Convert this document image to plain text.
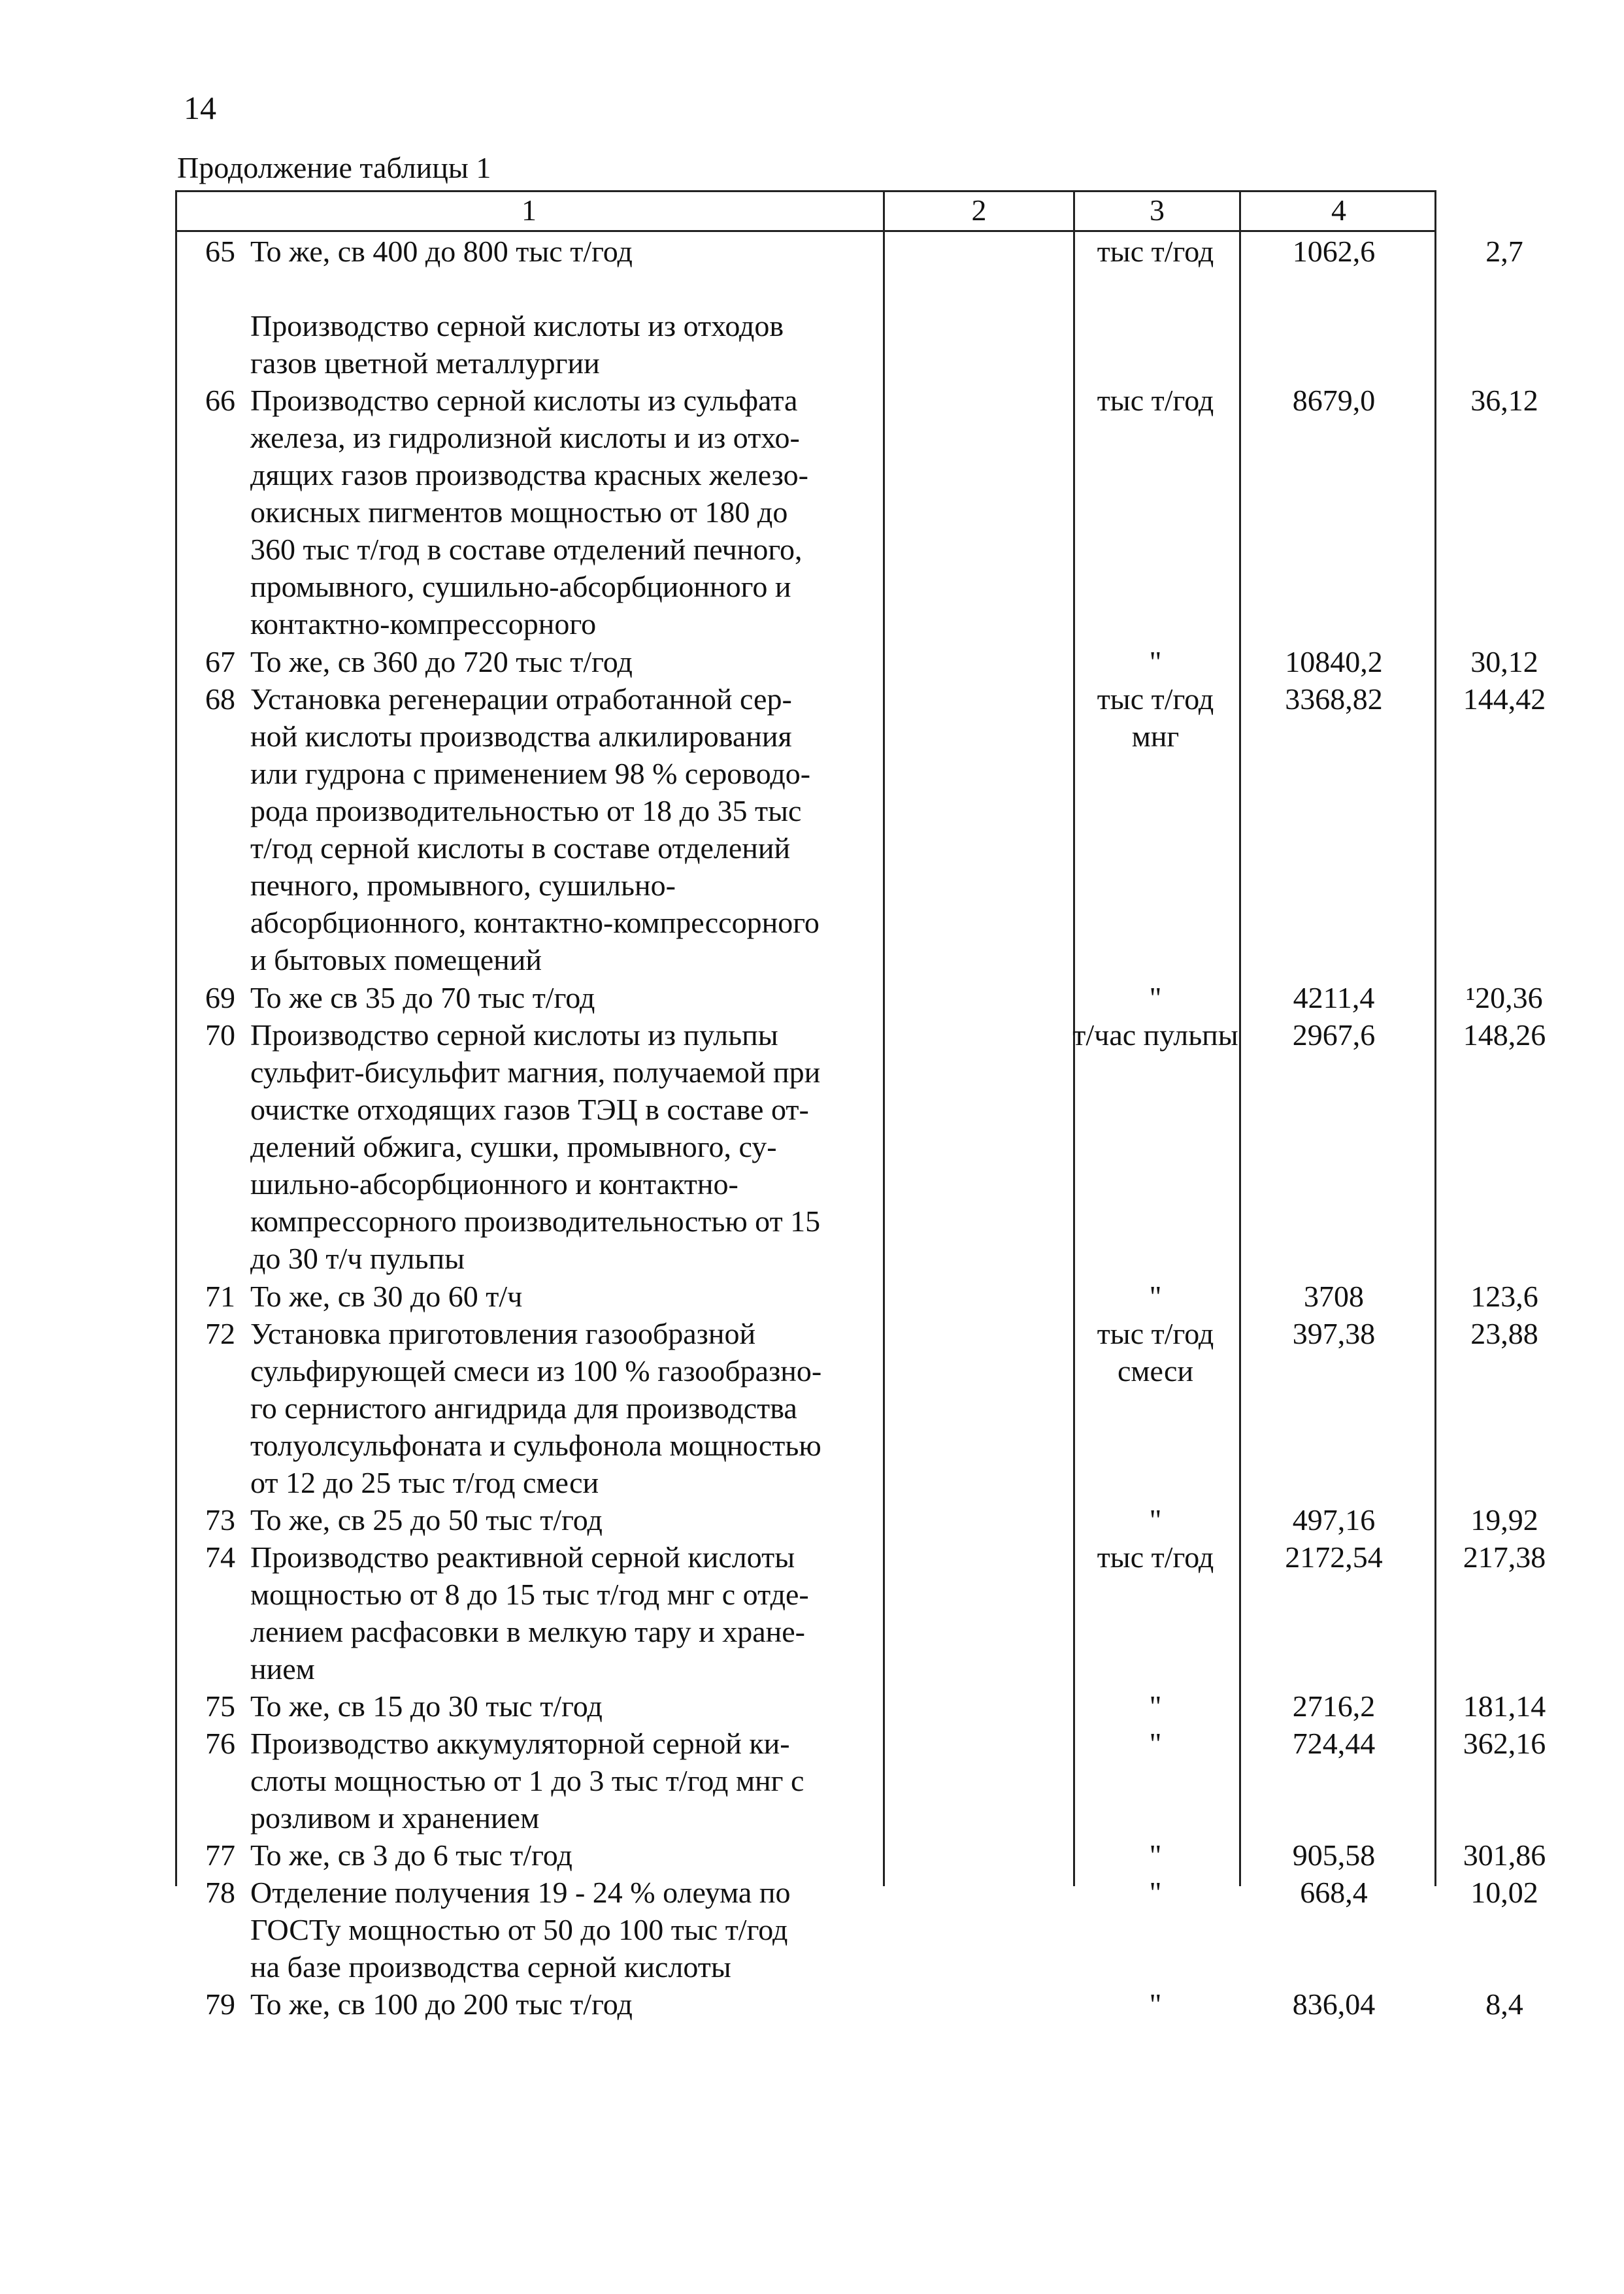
14
Продолжение таблицы 1
1	2	3	4
65 То же, св 400 до 800 тыс т/год	тыс т/год	1062,6	2,7
Производство серной кислоты из отходов
газов цветной металлургии
66 Производство серной кислоты из сульфата
железа, из гидролизной кислоты и из отхо-
дящих газов производства красных железо-
окисных пигментов мощностью от 180 до
360 тыс т/год в составе отделений печного,
промывного, сушильно-абсорбционного и
контактно-компрессорного
тыс т/год	8679,0	36,12
67 То же, св 360 до 720 тыс т/год	"	10840,2	30,12
68 Установка регенерации отработанной сер-
ной кислоты производства алкилирования
или гудрона с применением 98 % сероводо-
рода производительностью от 18 до 35 тыс
т/год серной кислоты в составе отделений
печного, промывного, сушильно-
абсорбционного, контактно-компрессорного
и бытовых помещений
тыс т/год
мнг
3368,82	144,42
69 То же св 35 до 70 тыс т/год	"	4211,4	¹20,36
70 Производство серной кислоты из пульпы
сульфит-бисульфит магния, получаемой при
очистке отходящих газов ТЭЦ в составе от-
делений обжига, сушки, промывного, су-
шильно-абсорбционного и контактно-
компрессорного производительностью от 15
до 30 т/ч пульпы
т/час пульпы	2967,6	148,26
71 То же, св 30 до 60 т/ч	"	3708	123,6
72 Установка приготовления газообразной
сульфирующей смеси из 100 % газообразно-
го сернистого ангидрида для производства
толуолсульфоната и сульфонола мощностью
от 12 до 25 тыс т/год смеси
тыс т/год
смеси
397,38	23,88
73 То же, св 25 до 50 тыс т/год	"	497,16	19,92
74 Производство реактивной серной кислоты
мощностью от 8 до 15 тыс т/год мнг с отде-
лением расфасовки в мелкую тару и хране-
нием
тыс т/год	2172,54	217,38
75 То же, св 15 до 30 тыс т/год	"	2716,2	181,14
76 Производство аккумуляторной серной ки-
слоты мощностью от 1 до 3 тыс т/год мнг с
розливом и хранением
"	724,44	362,16
77 То же, св 3 до 6 тыс т/год	"	905,58	301,86
78 Отделение получения 19 - 24 % олеума по
ГОСТу мощностью от 50 до 100 тыс т/год
на базе производства серной кислоты
"	668,4	10,02
79 То же, св 100 до 200 тыс т/год	"	836,04	8,4
